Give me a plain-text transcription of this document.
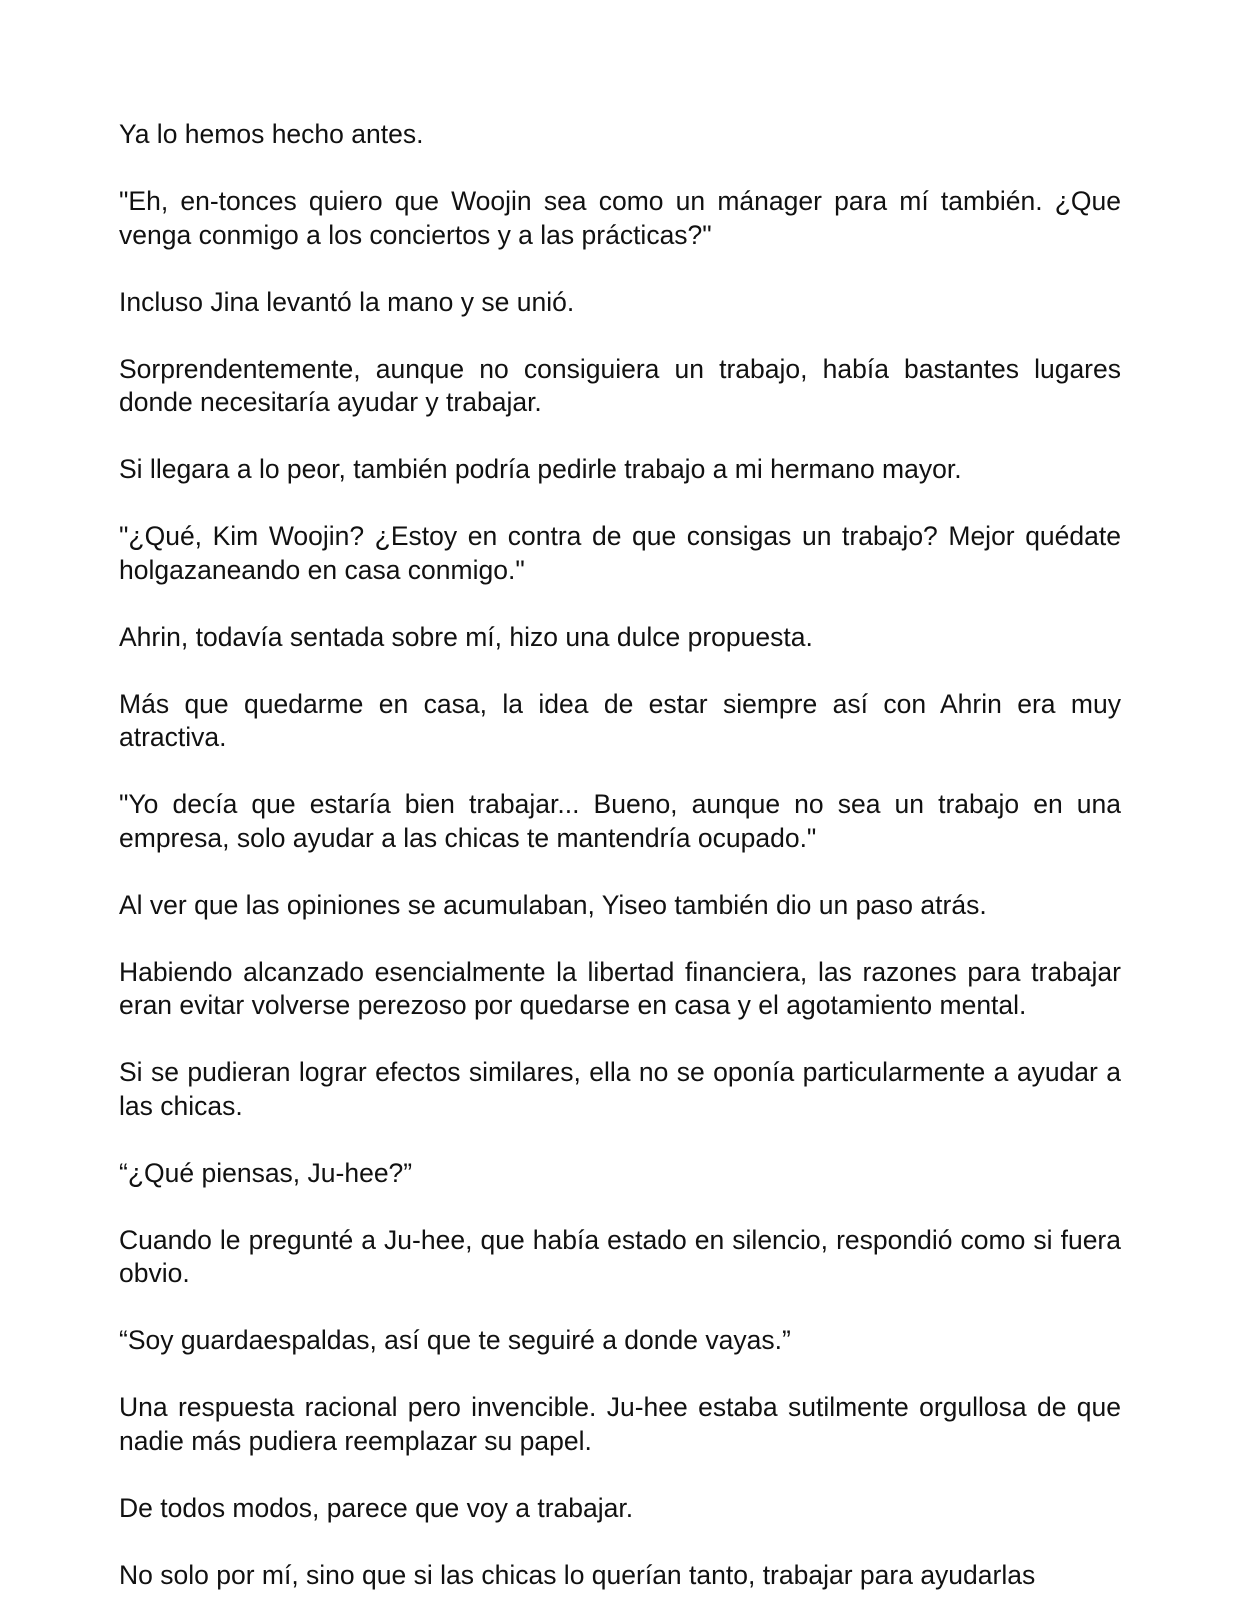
Ya lo hemos hecho antes.

"Eh, en-tonces quiero que Woojin sea como un mánager para mí también. ¿Que venga conmigo a los conciertos y a las prácticas?"

Incluso Jina levantó la mano y se unió.

Sorprendentemente, aunque no consiguiera un trabajo, había bastantes lugares donde necesitaría ayudar y trabajar.

Si llegara a lo peor, también podría pedirle trabajo a mi hermano mayor.

"¿Qué, Kim Woojin? ¿Estoy en contra de que consigas un trabajo? Mejor quédate holgazaneando en casa conmigo."

Ahrin, todavía sentada sobre mí, hizo una dulce propuesta.

Más que quedarme en casa, la idea de estar siempre así con Ahrin era muy atractiva.

"Yo decía que estaría bien trabajar... Bueno, aunque no sea un trabajo en una empresa, solo ayudar a las chicas te mantendría ocupado."

Al ver que las opiniones se acumulaban, Yiseo también dio un paso atrás.

Habiendo alcanzado esencialmente la libertad financiera, las razones para trabajar eran evitar volverse perezoso por quedarse en casa y el agotamiento mental.

Si se pudieran lograr efectos similares, ella no se oponía particularmente a ayudar a las chicas.

“¿Qué piensas, Ju-hee?”

Cuando le pregunté a Ju-hee, que había estado en silencio, respondió como si fuera obvio.

“Soy guardaespaldas, así que te seguiré a donde vayas.”

Una respuesta racional pero invencible. Ju-hee estaba sutilmente orgullosa de que nadie más pudiera reemplazar su papel.

De todos modos, parece que voy a trabajar.

No solo por mí, sino que si las chicas lo querían tanto, trabajar para ayudarlas
